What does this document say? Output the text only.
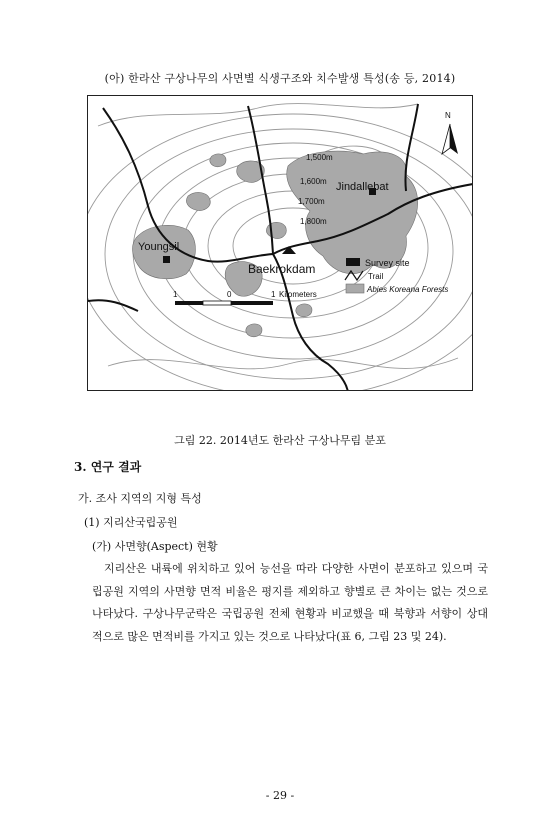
(아) 한라산 구상나무의 사면별 식생구조와 치수발생 특성(송 등, 2014)
1,500m
1,600m
1,700m
1,800m
Jindallebat
Youngsil
Baekrokdam
N
1	0	1 Kilometers
Survey site
Trail
Abies Koreana Forests
그림 22. 2014년도 한라산 구상나무림 분포
3. 연구 결과
가. 조사 지역의 지형 특성
(1) 지리산국립공원
(가) 사면향(Aspect) 현황

지리산은 내륙에 위치하고 있어 능선을 따라 다양한 사면이 분포하고 있으며 국립공원 지역의 사면향 면적 비율은 평지를 제외하고 향별로 큰 차이는 없는 것으로 나타났다. 구상나무군락은 국립공원 전체 현황과 비교했을 때 북향과 서향이 상대적으로 많은 면적비를 가지고 있는 것으로 나타났다(표 6, 그림 23 및 24).

- 29 -
